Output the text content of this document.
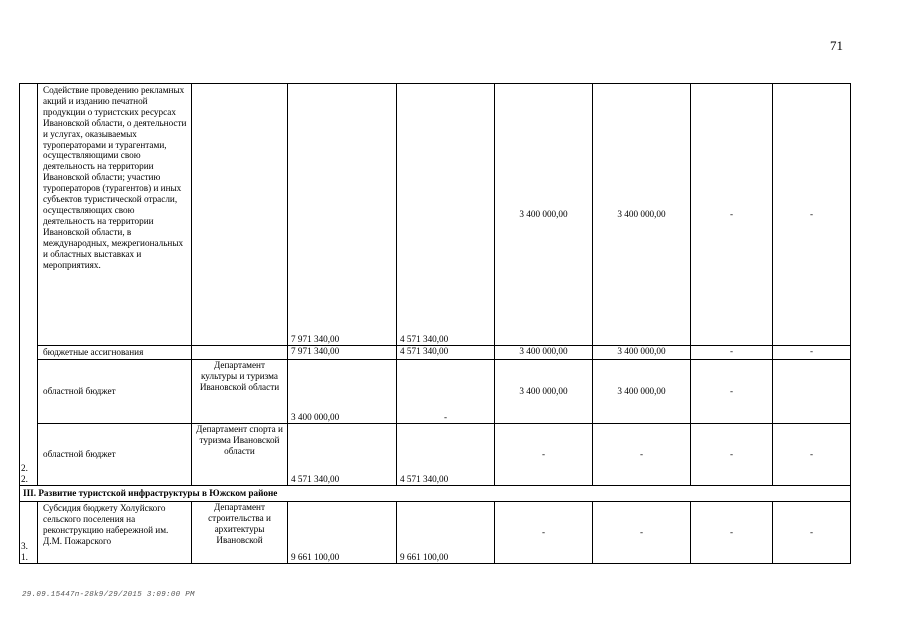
71
2.
2.	Содействие проведению рекламных акций и изданию печатной продукции о туристских ресурсах Ивановской области, о деятельности и услугах, оказываемых туроператорами и турагентами, осуществляющими свою деятельность на территории Ивановской области; участию туроператоров (турагентов) и иных субъектов туристической отрасли, осуществляющих свою деятельность на территории Ивановской области, в международных, межрегиональных и областных выставках и мероприятиях.		7 971 340,00	4 571 340,00	3 400 000,00	3 400 000,00	-	-
	бюджетные ассигнования		7 971 340,00	4 571 340,00	3 400 000,00	3 400 000,00	-	-
	областной бюджет	Департамент культуры и туризма Ивановской области	3 400 000,00	-	3 400 000,00	3 400 000,00	-	
	областной бюджет	Департамент спорта и туризма Ивановской области	4 571 340,00	4 571 340,00	-	-	-	-
III. Развитие туристской инфраструктуры в Южском районе								
3.
1.	Субсидия бюджету Холуйского сельского поселения на реконструкцию набережной им. Д.М. Пожарского	Департамент строительства и архитектуры Ивановской	9 661 100,00	9 661 100,00	-	-	-	-
29.09.15447п-28k9/29/2015 3:09:00 PM
